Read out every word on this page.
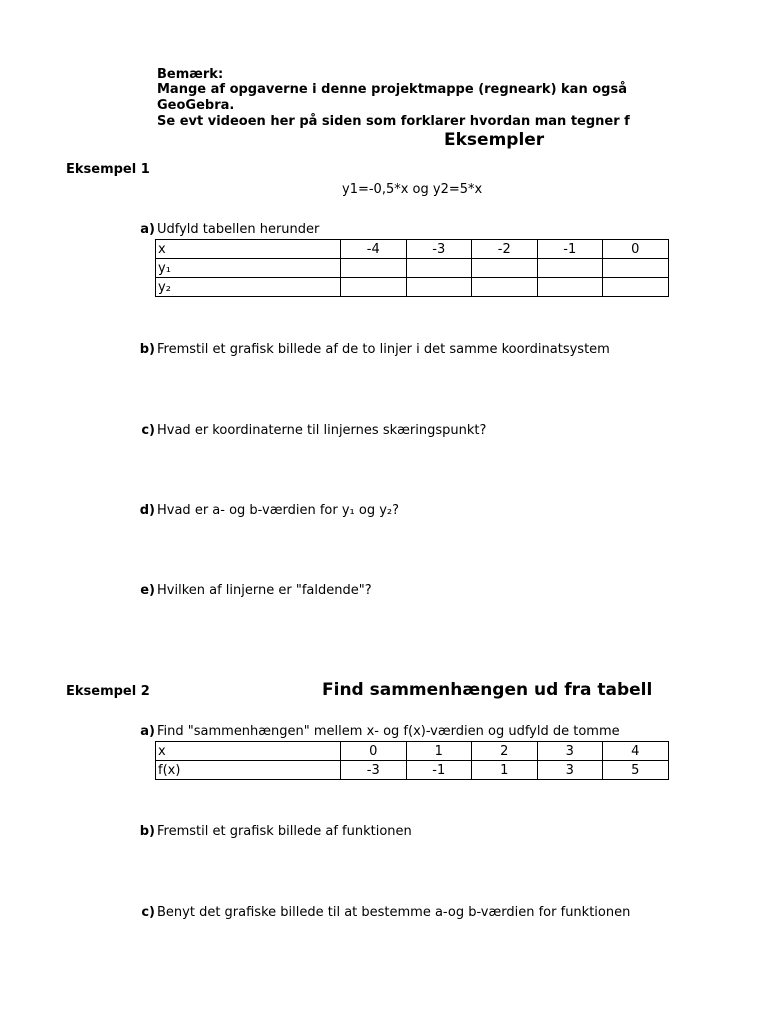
Bemærk:
Mange af opgaverne i denne projektmappe (regneark) kan også
GeoGebra.
Se evt videoen her på siden som forklarer hvordan man tegner f
Eksempler
Eksempel 1
y1=-0,5*x og y2=5*x
a) Udfyld tabellen herunder
x	-4	-3	-2	-1	0
y₁					
y₂					
b) Fremstil et grafisk billede af de to linjer i det samme koordinatsystem
c) Hvad er koordinaterne til linjernes skæringspunkt?
d) Hvad er a- og b-værdien for y₁ og y₂?
e) Hvilken af linjerne er "faldende"?
Eksempel 2	Find sammenhængen ud fra tabell
a) Find "sammenhængen" mellem x- og f(x)-værdien og udfyld de tomme
x	0	1	2	3	4
f(x)	-3	-1	1	3	5
b) Fremstil et grafisk billede af funktionen
c) Benyt det grafiske billede til at bestemme a-og b-værdien for funktionen
